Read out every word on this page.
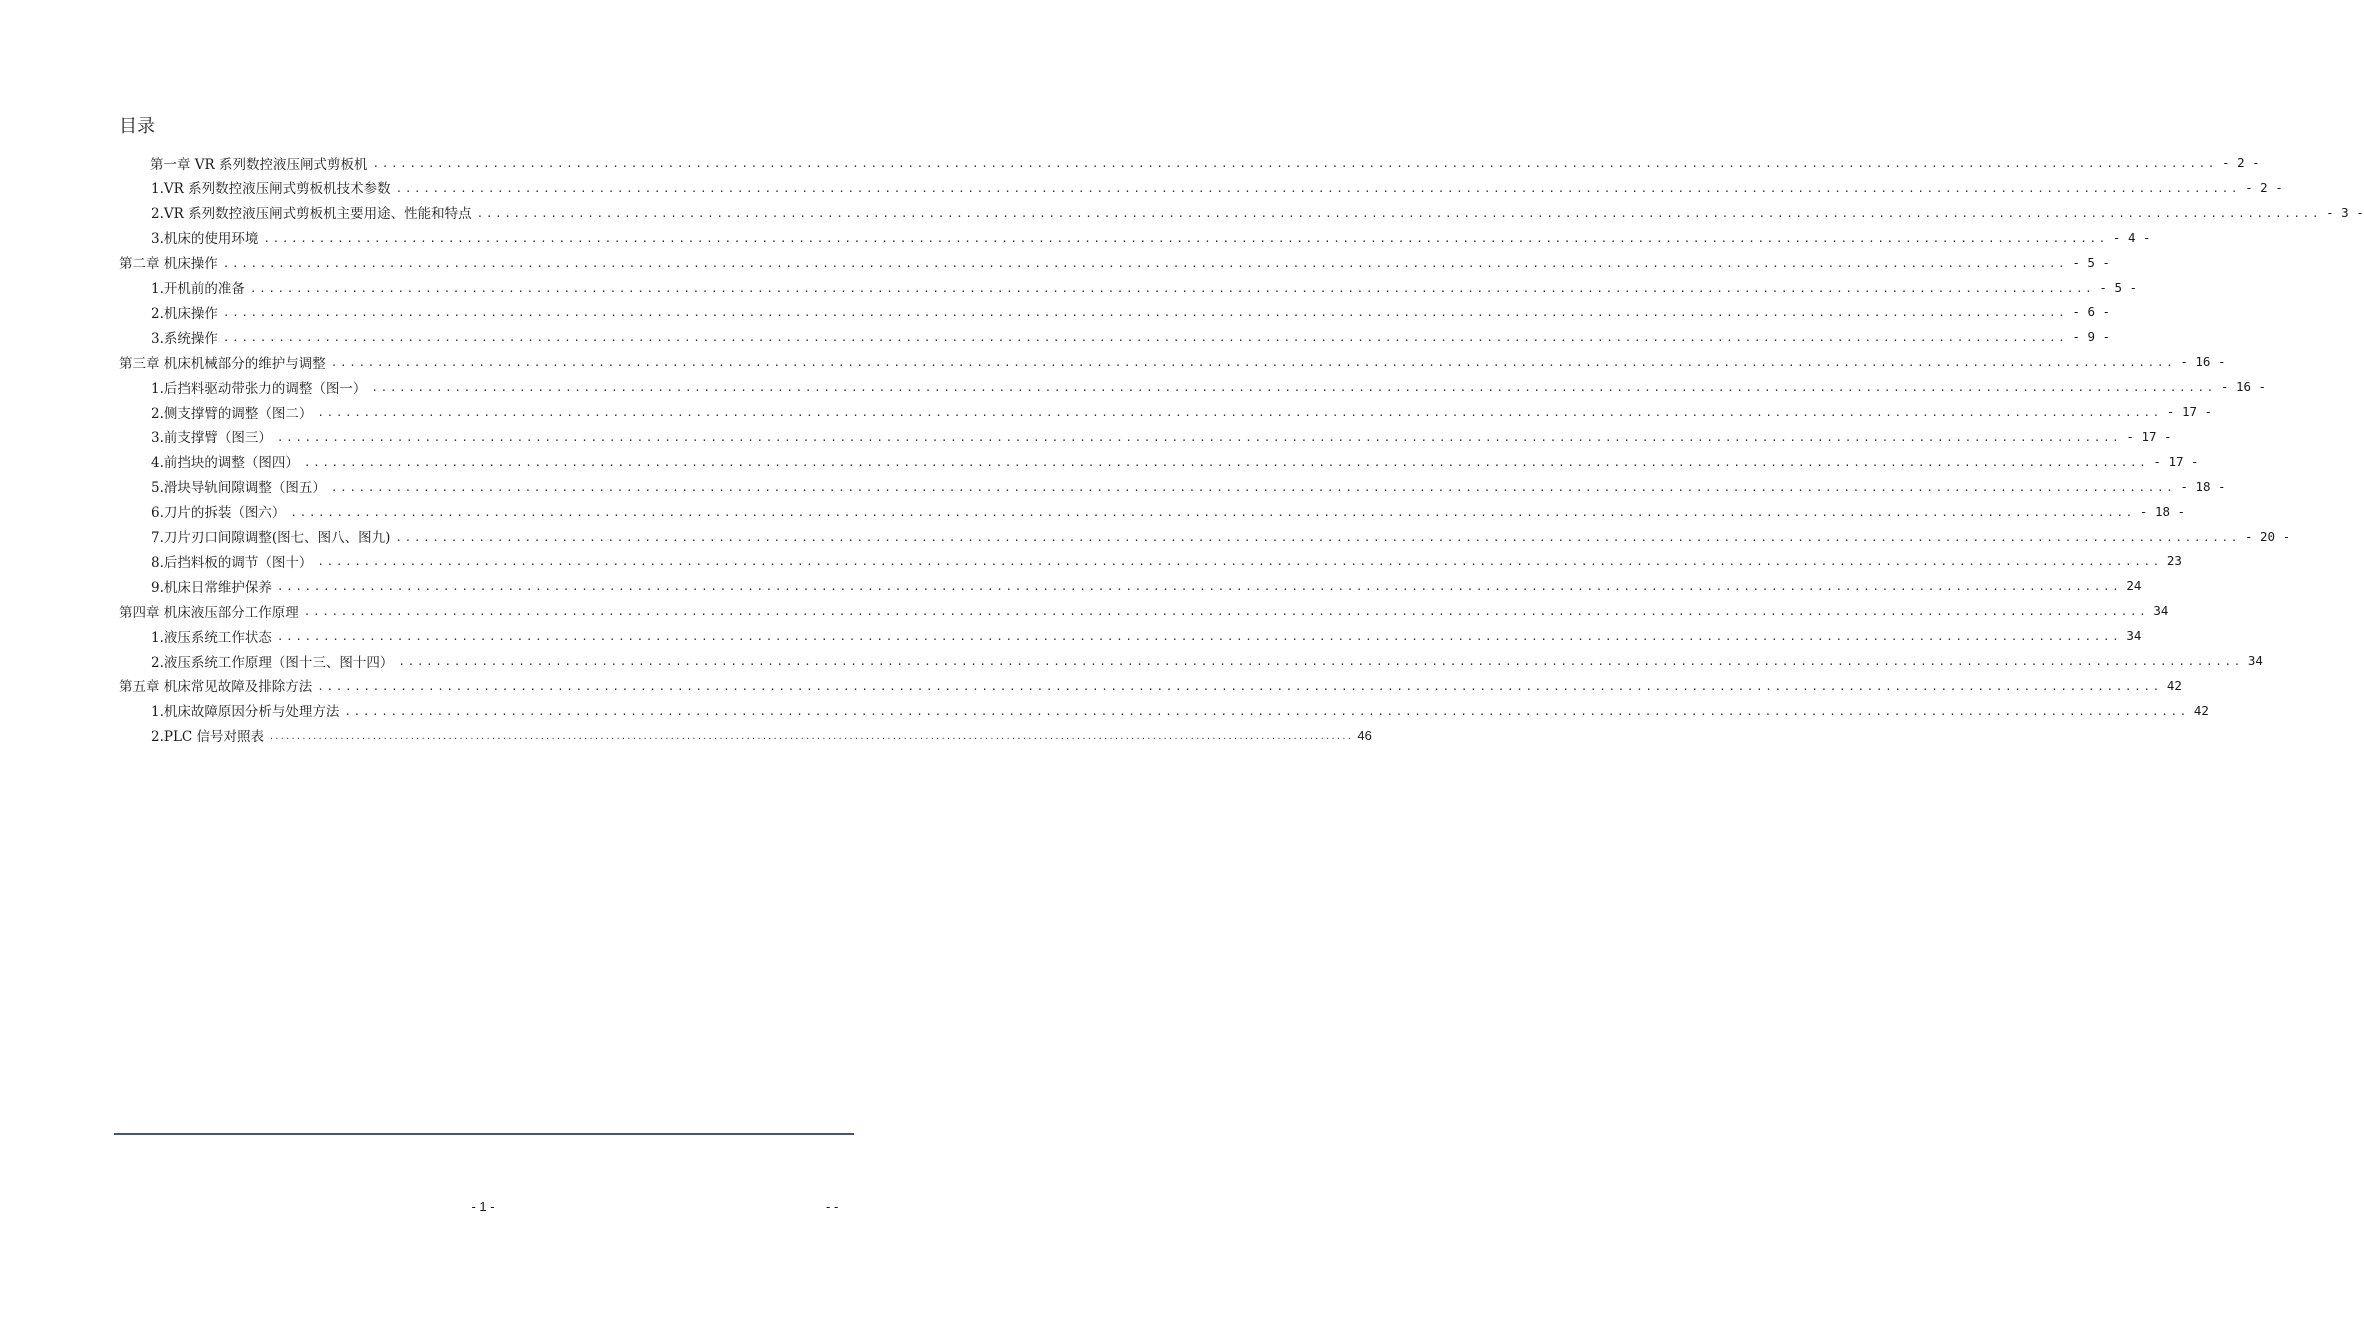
目录
第一章 VR 系列数控液压闸式剪板机 ........................................................................................................................................................................................................ - 2 -
1.VR 系列数控液压闸式剪板机技术参数 ........................................................................................................................................................................................................ - 2 -
2.VR 系列数控液压闸式剪板机主要用途、性能和特点 ........................................................................................................................................................................................................ - 3 -
3.机床的使用环境 ........................................................................................................................................................................................................ - 4 -
第二章 机床操作 ........................................................................................................................................................................................................ - 5 -
1.开机前的准备 ........................................................................................................................................................................................................ - 5 -
2.机床操作 ........................................................................................................................................................................................................ - 6 -
3.系统操作 ........................................................................................................................................................................................................ - 9 -
第三章 机床机械部分的维护与调整 ........................................................................................................................................................................................................ - 16 -
1.后挡料驱动带张力的调整（图一） ........................................................................................................................................................................................................ - 16 -
2.侧支撑臂的调整（图二） ........................................................................................................................................................................................................ - 17 -
3.前支撑臂（图三） ........................................................................................................................................................................................................ - 17 -
4.前挡块的调整（图四） ........................................................................................................................................................................................................ - 17 -
5.滑块导轨间隙调整（图五） ........................................................................................................................................................................................................ - 18 -
6.刀片的拆装（图六） ........................................................................................................................................................................................................ - 18 -
7.刀片刃口间隙调整(图七、图八、图九) ........................................................................................................................................................................................................ - 20 -
8.后挡料板的调节（图十） ........................................................................................................................................................................................................ 23
9.机床日常维护保养 ........................................................................................................................................................................................................ 24
第四章 机床液压部分工作原理 ........................................................................................................................................................................................................ 34
1.液压系统工作状态 ........................................................................................................................................................................................................ 34
2.液压系统工作原理（图十三、图十四） ........................................................................................................................................................................................................ 34
第五章 机床常见故障及排除方法 ........................................................................................................................................................................................................ 42
1.机床故障原因分析与处理方法 ........................................................................................................................................................................................................ 42
2.PLC 信号对照表 ........................................................................................................................................................................................................ 46
- 1 -	- -
